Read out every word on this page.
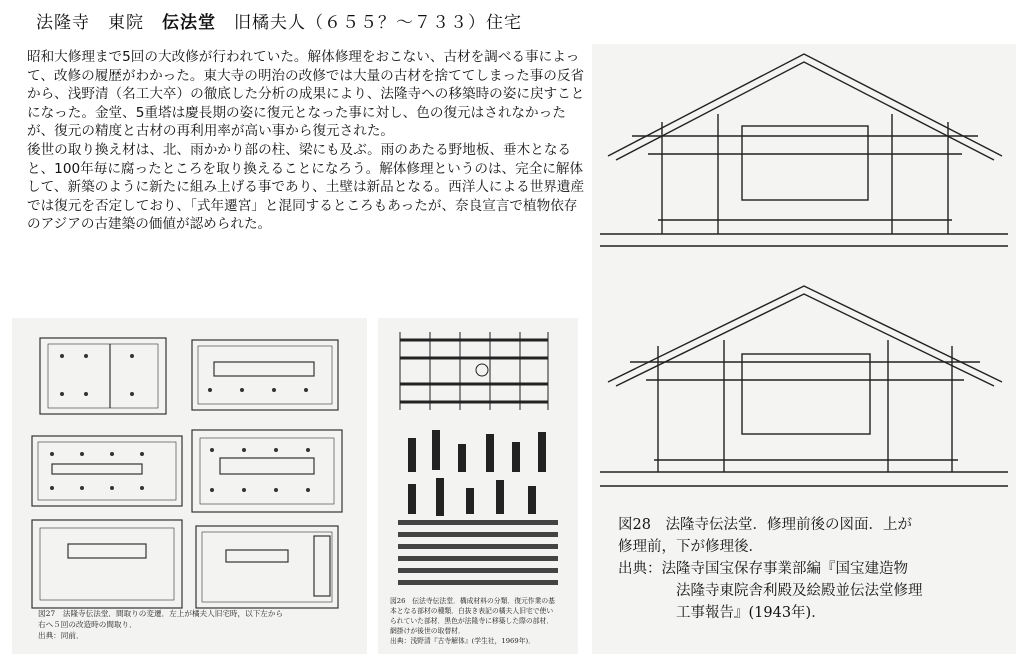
法隆寺　東院　伝法堂　旧橘夫人（６５５？～７３３）住宅

昭和大修理まで5回の大改修が行われていた。解体修理をおこない、古材を調べる事によって、改修の履歴がわかった。東大寺の明治の改修では大量の古材を捨ててしまった事の反省から、浅野清（名工大卒）の徹底した分析の成果により、法隆寺への移築時の姿に戻すことになった。金堂、5重塔は慶長期の姿に復元となった事に対し、色の復元はされなかったが、復元の精度と古材の再利用率が高い事から復元された。

後世の取り換え材は、北、雨かかり部の柱、梁にも及ぶ。雨のあたる野地板、垂木となると、100年毎に腐ったところを取り換えることになろう。解体修理というのは、完全に解体して、新築のように新たに組み上げる事であり、土壁は新品となる。西洋人による世界遺産では復元を否定しており、「式年遷宮」と混同するところもあったが、奈良宣言で植物依存のアジアの古建築の価値が認められた。

図27　法隆寺伝法堂．間取りの変遷．左上が橘夫人旧宅時，以下左から
右へ５回の改造時の間取り．
出典：同前．
図26　伝法寺伝法堂．構成材料の分類．復元作業の基
本となる部材の種類．白抜き表記の橘夫人旧宅で使い
られていた部材．黒色が法隆寺に移築した際の部材．
網掛けが後世の取替材．
出典：浅野清『古寺解体』(学生社，1969年)．
図28　法隆寺伝法堂．修理前後の図面．上が
修理前，下が修理後．
出典：法隆寺国宝保存事業部編『国宝建造物
法隆寺東院舎利殿及絵殿並伝法堂修理
工事報告』(1943年)．
